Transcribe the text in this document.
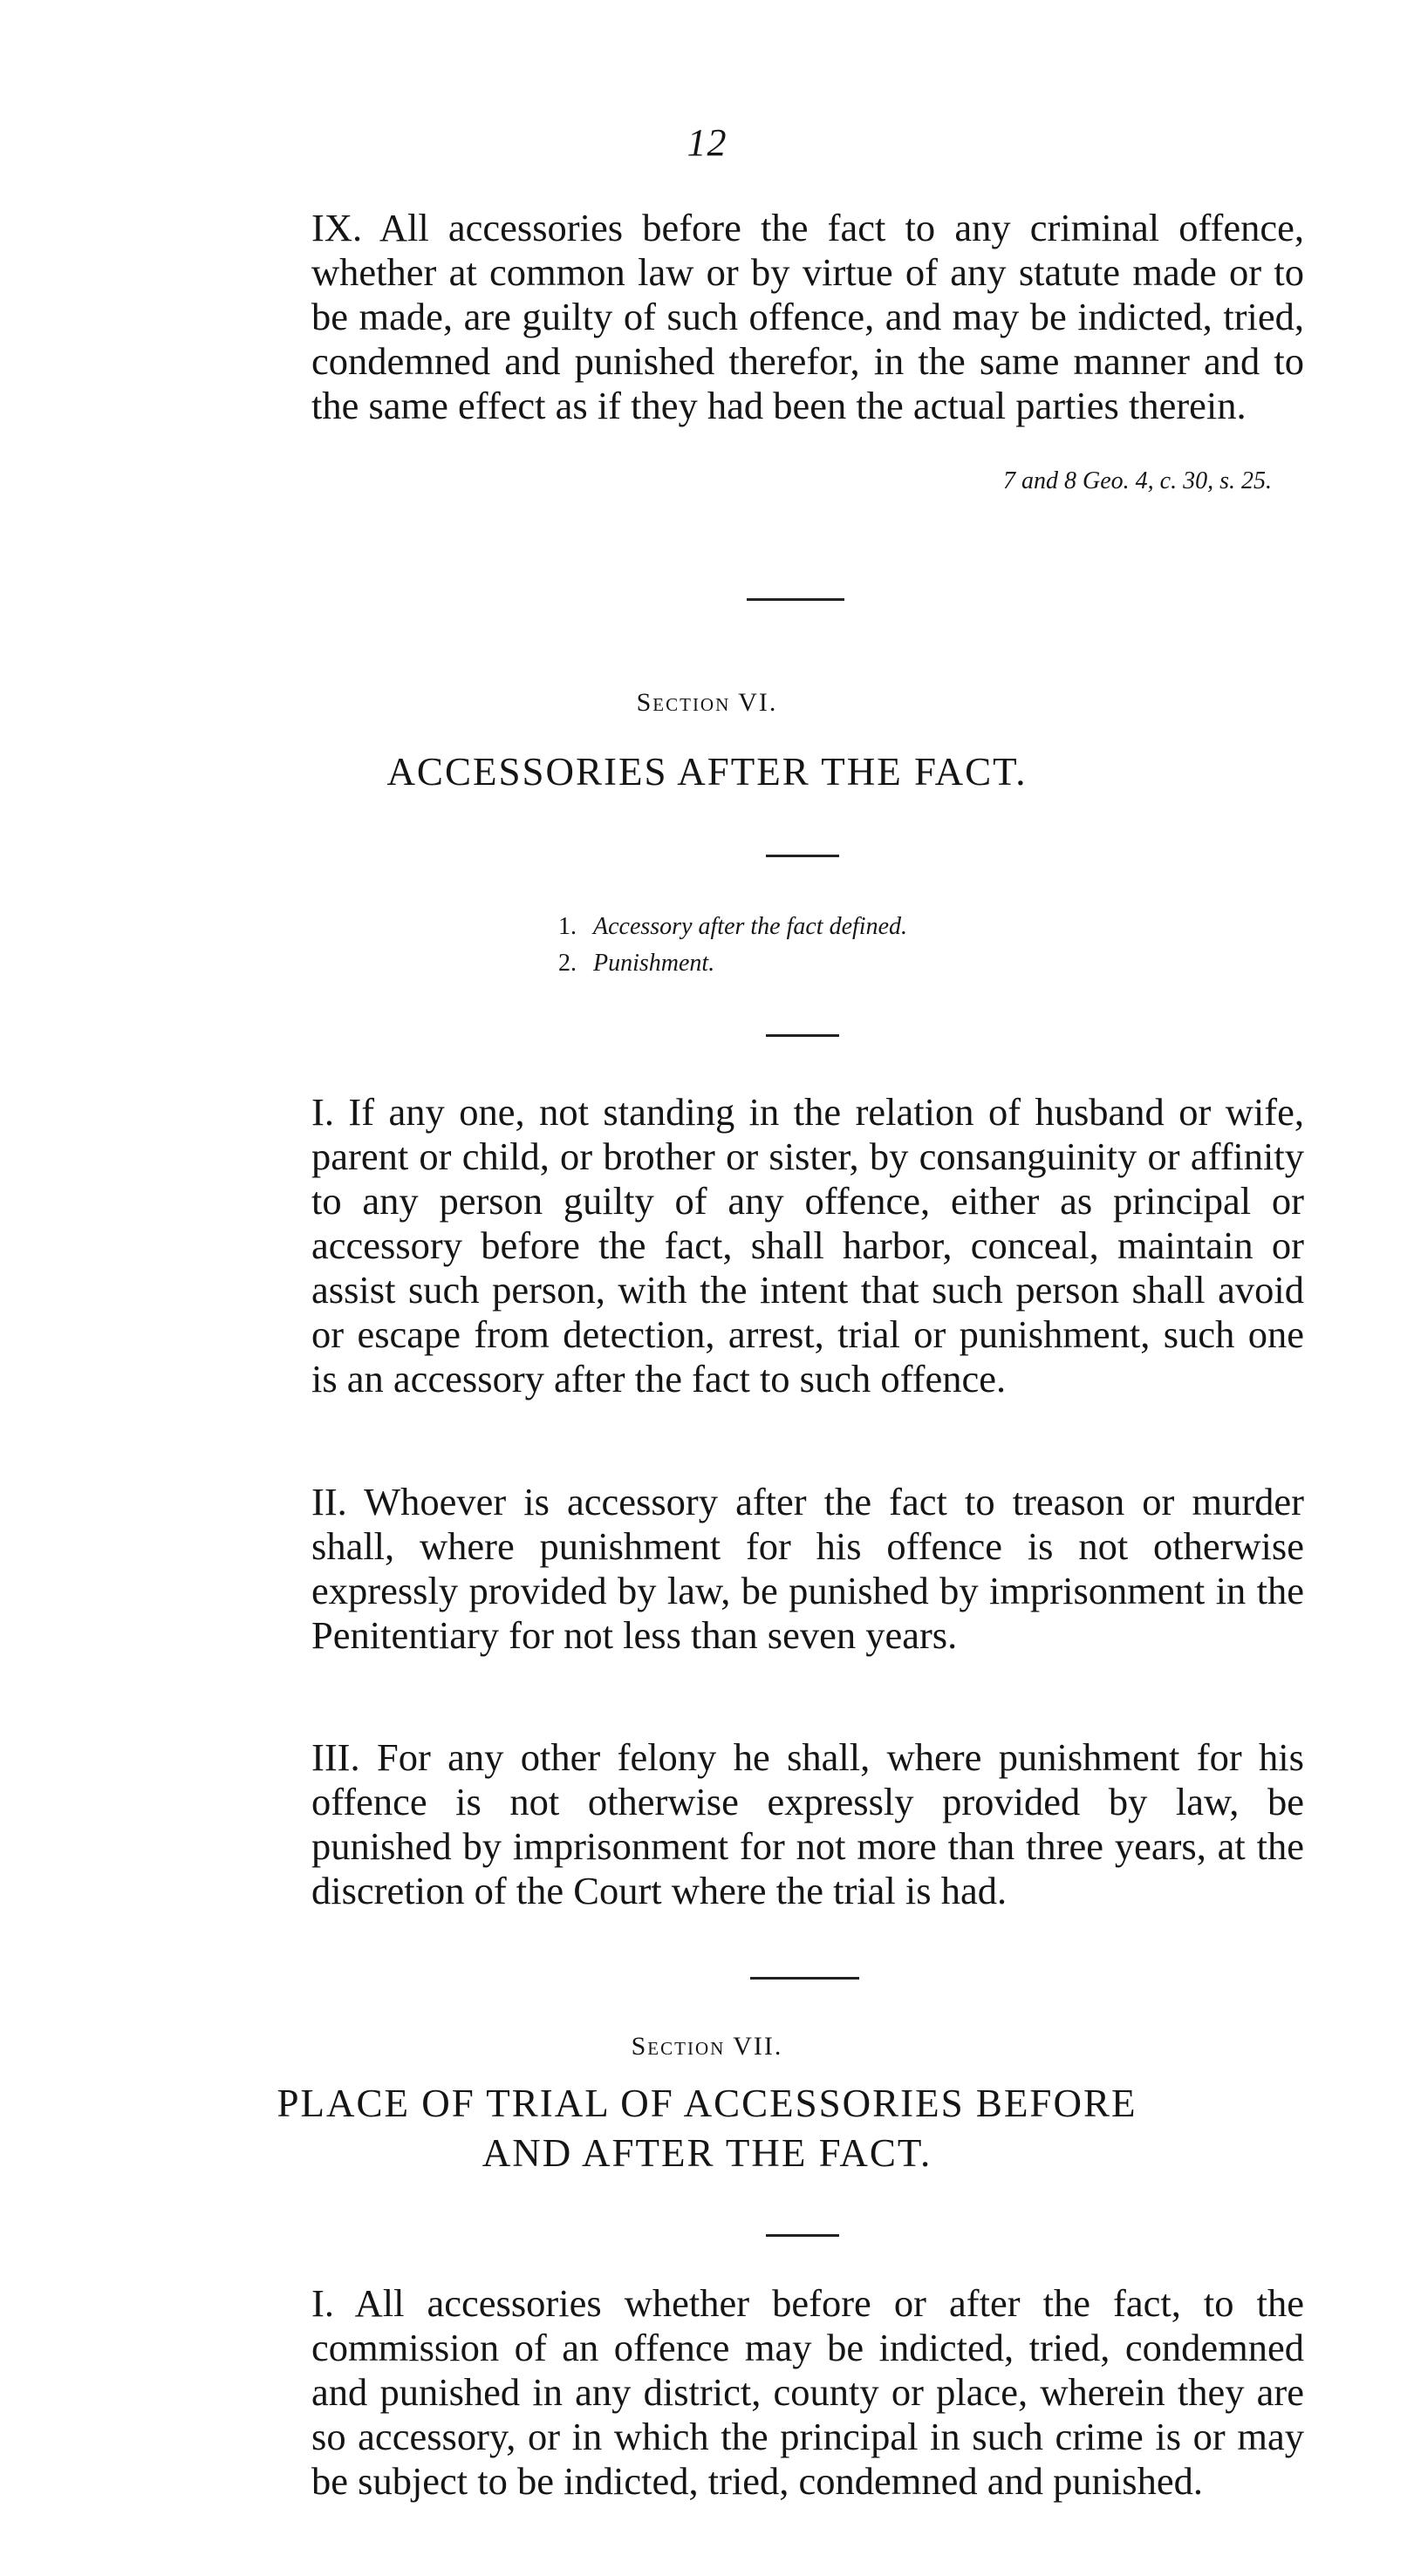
12

IX. All accessories before the fact to any criminal offence, whether at common law or by virtue of any statute made or to be made, are guilty of such offence, and may be indicted, tried, condemned and punished therefor, in the same manner and to the same effect as if they had been the actual parties therein.

7 and 8 Geo. 4, c. 30, s. 25.
Section VI.
ACCESSORIES AFTER THE FACT.
1. Accessory after the fact defined.
2. Punishment.

I. If any one, not standing in the relation of husband or wife, parent or child, or brother or sister, by consanguinity or affinity to any person guilty of any offence, either as principal or accessory before the fact, shall harbor, conceal, maintain or assist such person, with the intent that such person shall avoid or escape from detection, arrest, trial or punishment, such one is an accessory after the fact to such offence.

II. Whoever is accessory after the fact to treason or murder shall, where punishment for his offence is not otherwise expressly provided by law, be punished by imprisonment in the Penitentiary for not less than seven years.

III. For any other felony he shall, where punishment for his offence is not otherwise expressly provided by law, be punished by imprisonment for not more than three years, at the discretion of the Court where the trial is had.

Section VII.
PLACE OF TRIAL OF ACCESSORIES BEFORE
AND AFTER THE FACT.

I. All accessories whether before or after the fact, to the commission of an offence may be indicted, tried, condemned and punished in any district, county or place, wherein they are so accessory, or in which the principal in such crime is or may be subject to be indicted, tried, condemned and punished.
